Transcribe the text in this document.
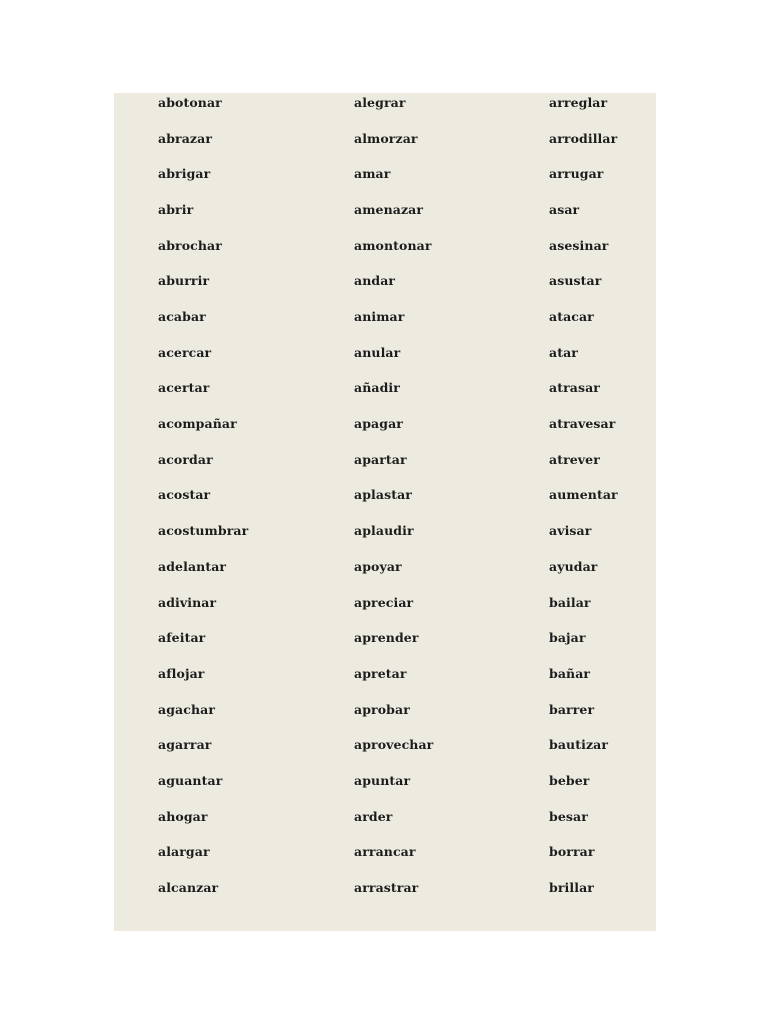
abotonar
abrazar
abrigar
abrir
abrochar
aburrir
acabar
acercar
acertar
acompañar
acordar
acostar
acostumbrar
adelantar
adivinar
afeitar
aflojar
agachar
agarrar
aguantar
ahogar
alargar
alcanzar
alegrar
almorzar
amar
amenazar
amontonar
andar
animar
anular
añadir
apagar
apartar
aplastar
aplaudir
apoyar
apreciar
aprender
apretar
aprobar
aprovechar
apuntar
arder
arrancar
arrastrar
arreglar
arrodillar
arrugar
asar
asesinar
asustar
atacar
atar
atrasar
atravesar
atrever
aumentar
avisar
ayudar
bailar
bajar
bañar
barrer
bautizar
beber
besar
borrar
brillar
